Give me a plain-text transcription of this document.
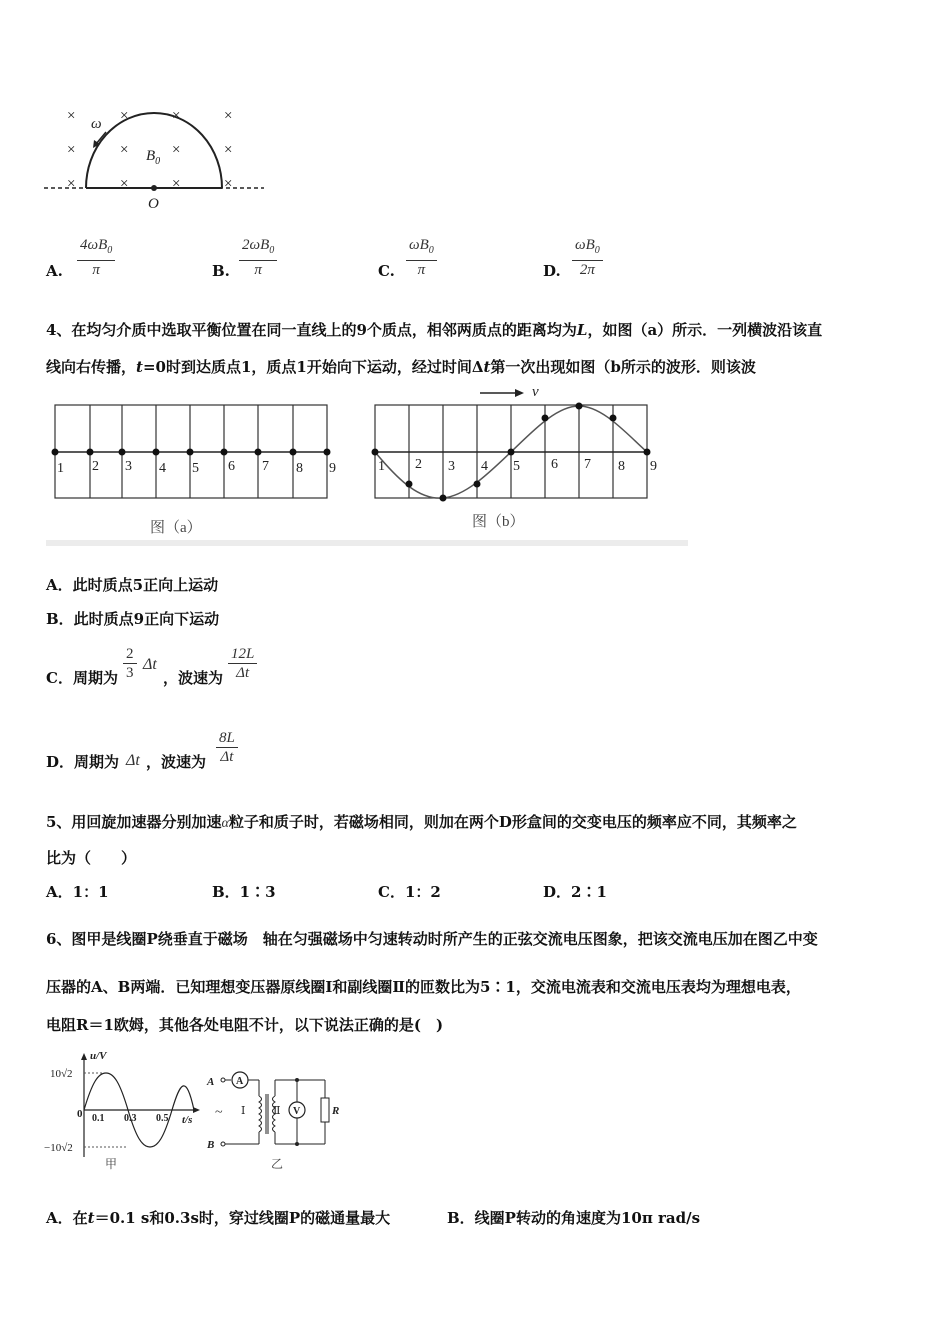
×	×	×	×
×	×	×	×
×	×	×	×
ω
$B_0$
O
A. $\frac{4\omega B_0}{\pi}$	B. $\frac{2\omega B_0}{\pi}$	C. $\frac{\omega B_0}{\pi}$	D. $\frac{\omega B_0}{2\pi}$
4、在均匀介质中选取平衡位置在同一直线上的9个质点，相邻两质点的距离均为L，如图（a）所示．一列横波沿该直
线向右传播，t=0时到达质点1，质点1开始向下运动，经过时间Δt第一次出现如图（b所示的波形．则该波
1 2 3 4 5 6 7 8 9
图（a）
1 2 3 4 5 6 7 8 9
v
图（b）
A．此时质点5正向上运动
B．此时质点9正向下运动
C．周期为 $\frac{2}{3}$ Δt
，波速为 $\frac{12L}{\Delta t}$
D．周期为 Δt ，波速为 $\frac{8L}{\Delta t}$
5、用回旋加速器分别加速α粒子和质子时，若磁场相同，则加在两个D形盒间的交变电压的频率应不同，其频率之
比为（　　）
A．1：1	B．1∶3	C．1：2	D．2∶1
6、图甲是线圈P绕垂直于磁场　轴在匀强磁场中匀速转动时所产生的正弦交流电压图象，把该交流电压加在图乙中变
压器的A、B两端．已知理想变压器原线圈Ⅰ和副线圈Ⅱ的匝数比为5∶1，交流电流表和交流电压表均为理想电表，
电阻R＝1欧姆，其他各处电阻不计，以下说法正确的是(　)
u/V
t/s
0
10√2
−10√2
0.1 0.3 0.5
甲
A A
B
~ Ⅰ	Ⅱ V	R
乙
A．在t＝0.1 s和0.3s时，穿过线圈P的磁通量最大	B．线圈P转动的角速度为10π rad/s
